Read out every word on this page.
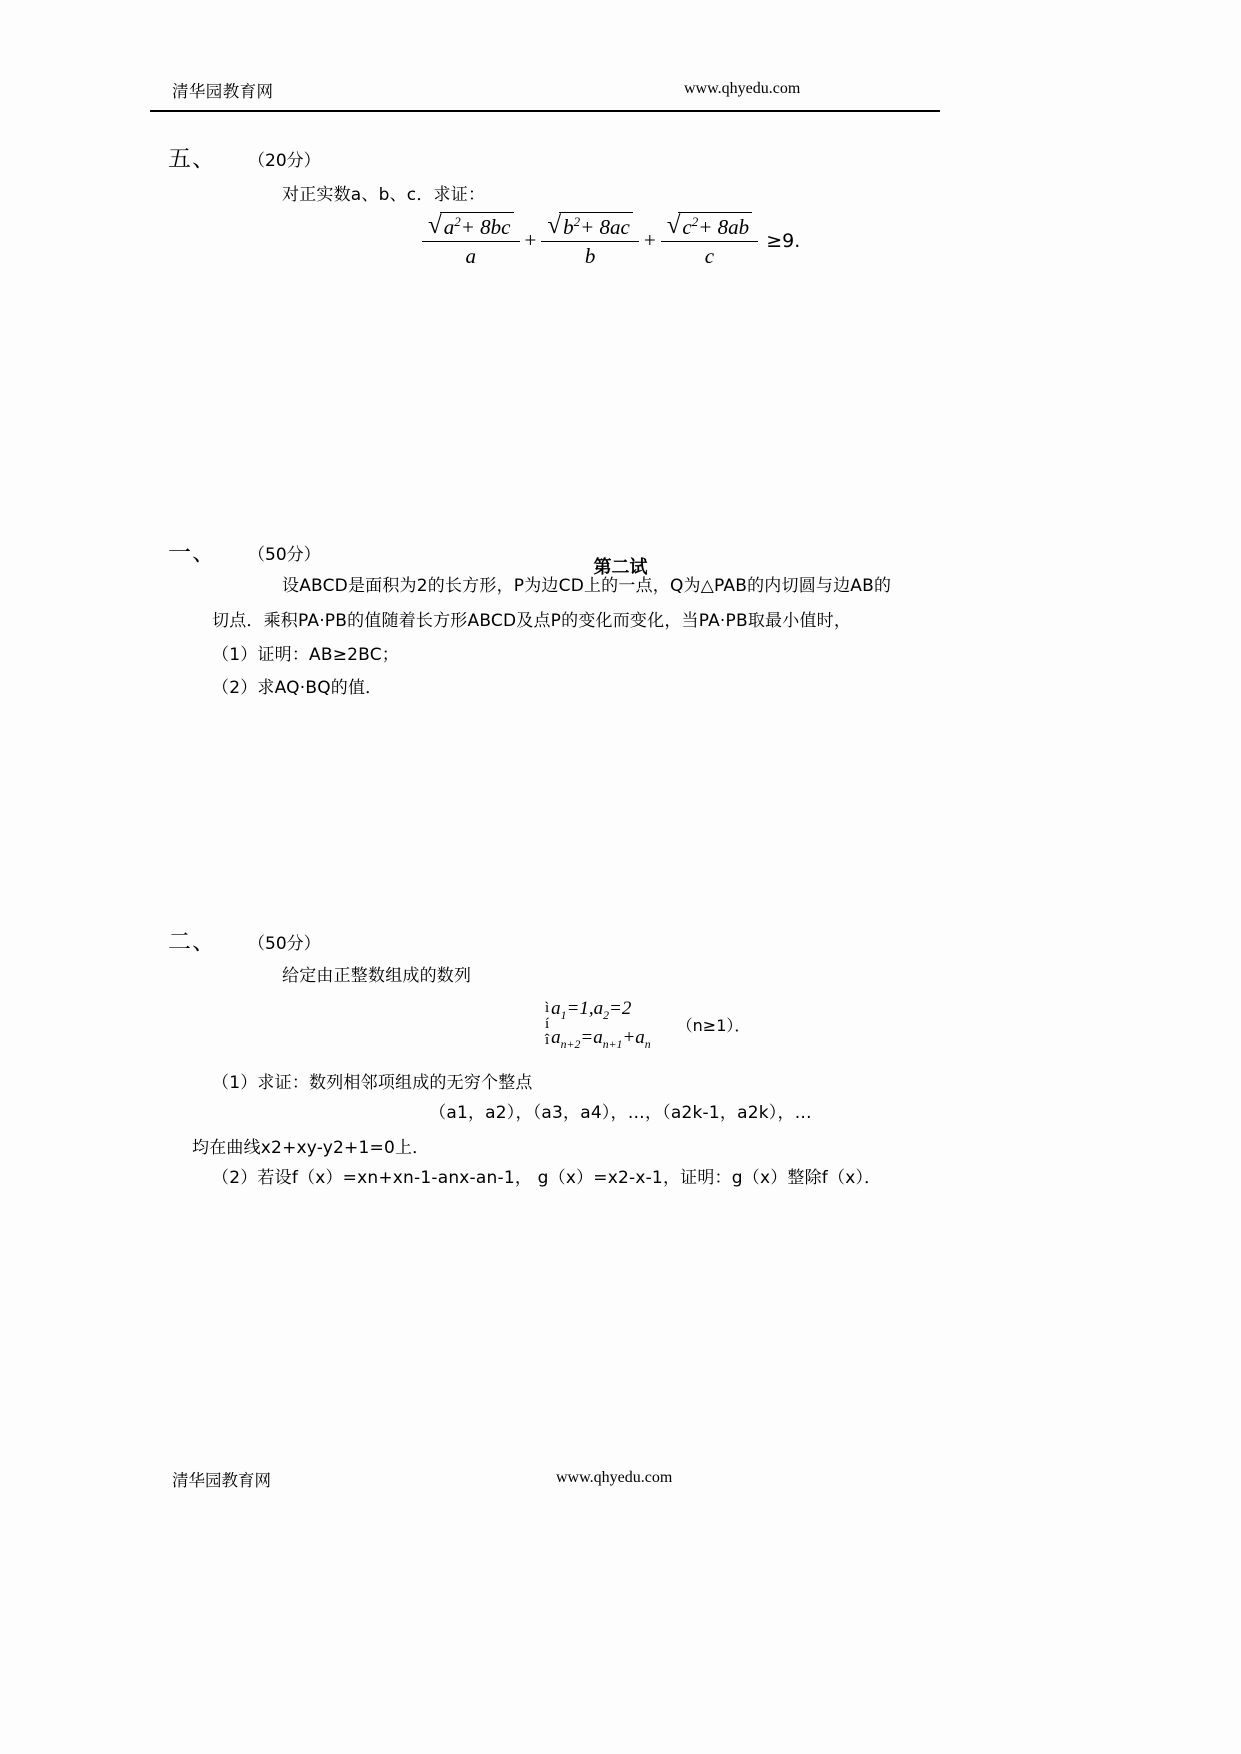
清华园教育网	www.qhyedu.com
五、 （20分）
对正实数a、b、c．求证：
$\frac{√ a^2+ 8bc}{a} + \frac{√ b^2+ 8ac}{b} + \frac{√ c^2+ 8ab}{c} \ge 9$.
第二试
一、 （50分）
设ABCD是面积为2的长方形，P为边CD上的一点，Q为△PAB的内切圆与边AB的
切点．乘积PA·PB的值随着长方形ABCD及点P的变化而变化，当PA·PB取最小值时，
（1）证明：AB≥2BC；
（2）求AQ·BQ的值．
二、 （50分）
给定由正整数组成的数列
ì
í
î
$a_1=1,a_2=2$
$a_{n+2}=a_{n+1}+a_n$
（n≥1）．
（1）求证：数列相邻项组成的无穷个整点
（a1，a2），（a3，a4），…，（a2k-1，a2k），…
均在曲线x2+xy-y2+1=0上．
（2）若设f（x）=xn+xn-1-anx-an-1， g（x）=x2-x-1，证明：g（x）整除f（x）．
清华园教育网	www.qhyedu.com
